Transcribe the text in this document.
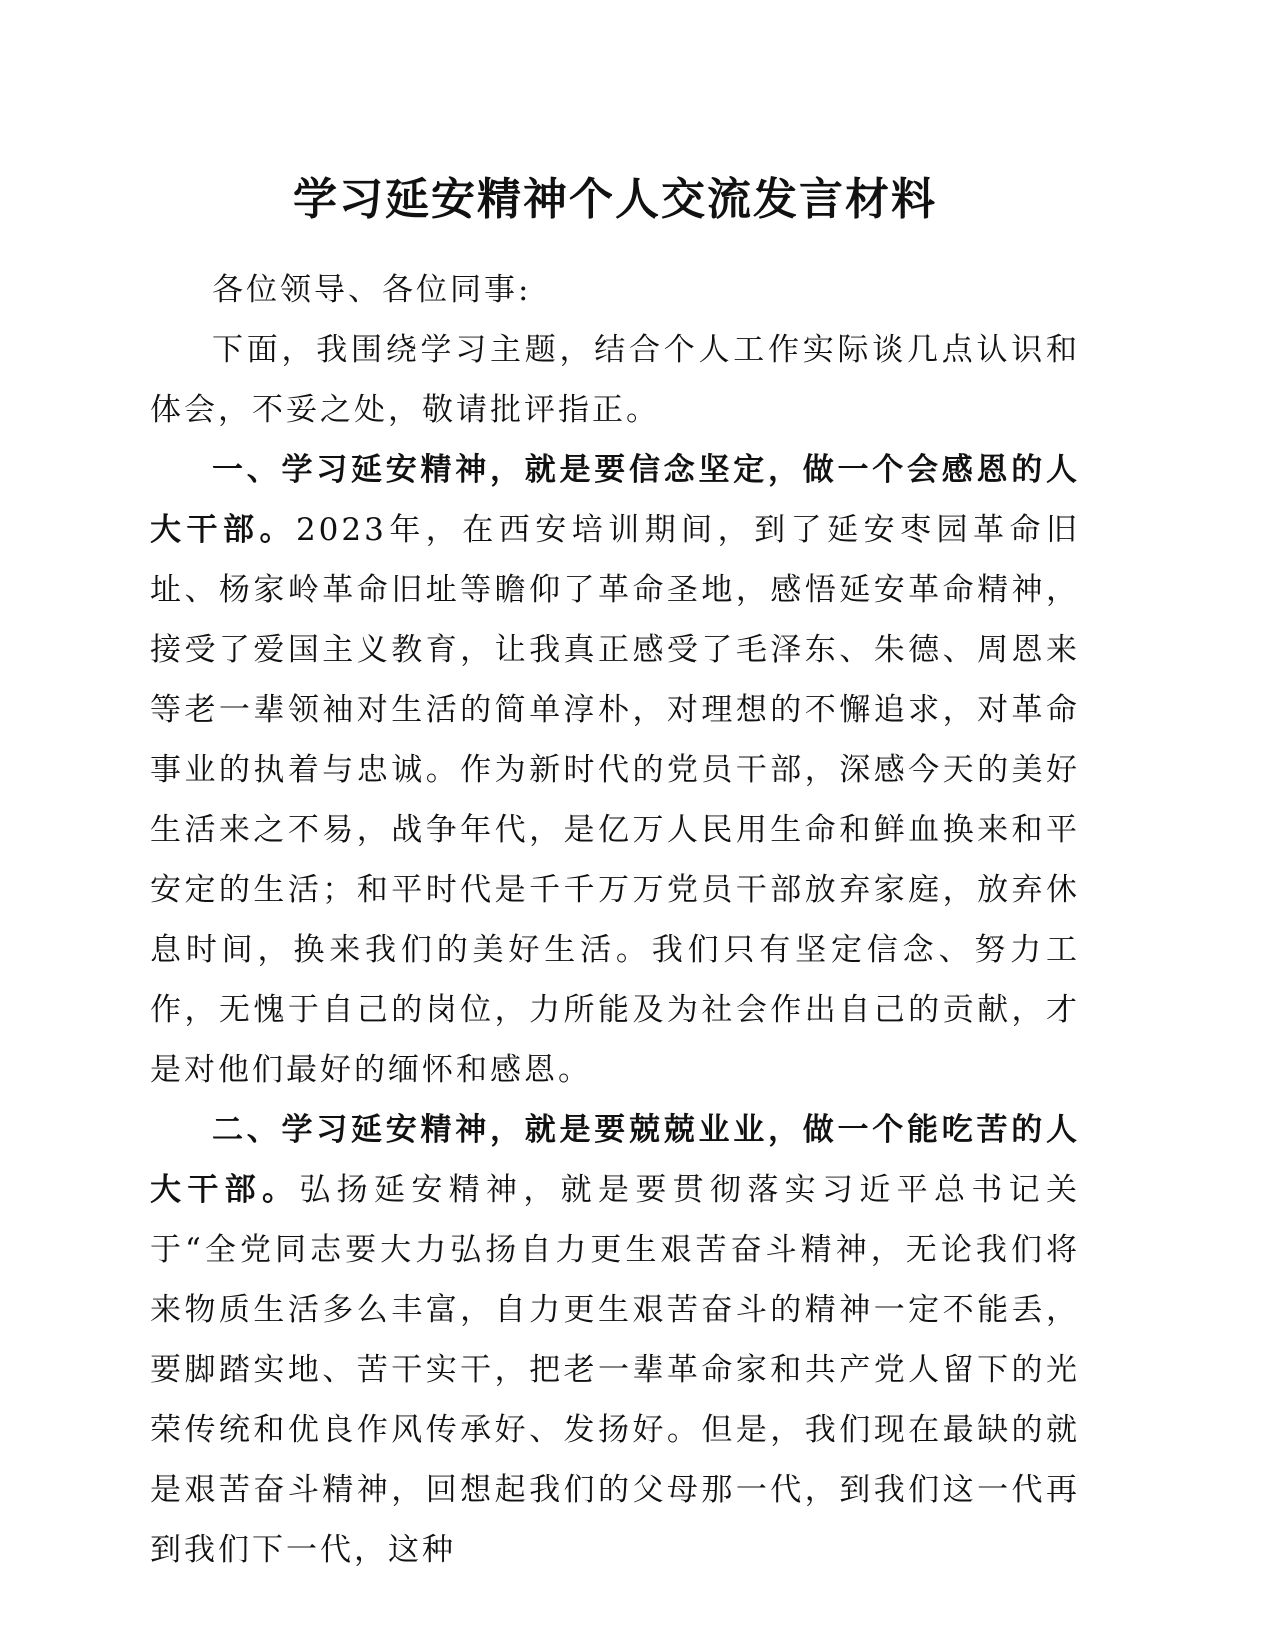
学习延安精神个人交流发言材料

各位领导、各位同事:

下面，我围绕学习主题，结合个人工作实际谈几点认识和体会，不妥之处，敬请批评指正。

一、学习延安精神，就是要信念坚定，做一个会感恩的人大干部。2023年，在西安培训期间，到了延安枣园革命旧址、杨家岭革命旧址等瞻仰了革命圣地，感悟延安革命精神，接受了爱国主义教育，让我真正感受了毛泽东、朱德、周恩来等老一辈领袖对生活的简单淳朴，对理想的不懈追求，对革命事业的执着与忠诚。作为新时代的党员干部，深感今天的美好生活来之不易，战争年代，是亿万人民用生命和鲜血换来和平安定的生活；和平时代是千千万万党员干部放弃家庭，放弃休息时间，换来我们的美好生活。我们只有坚定信念、努力工作，无愧于自己的岗位，力所能及为社会作出自己的贡献，才是对他们最好的缅怀和感恩。

二、学习延安精神，就是要兢兢业业，做一个能吃苦的人大干部。弘扬延安精神，就是要贯彻落实习近平总书记关于“全党同志要大力弘扬自力更生艰苦奋斗精神，无论我们将来物质生活多么丰富，自力更生艰苦奋斗的精神一定不能丢，要脚踏实地、苦干实干，把老一辈革命家和共产党人留下的光荣传统和优良作风传承好、发扬好。但是，我们现在最缺的就是艰苦奋斗精神，回想起我们的父母那一代，到我们这一代再到我们下一代，这种
